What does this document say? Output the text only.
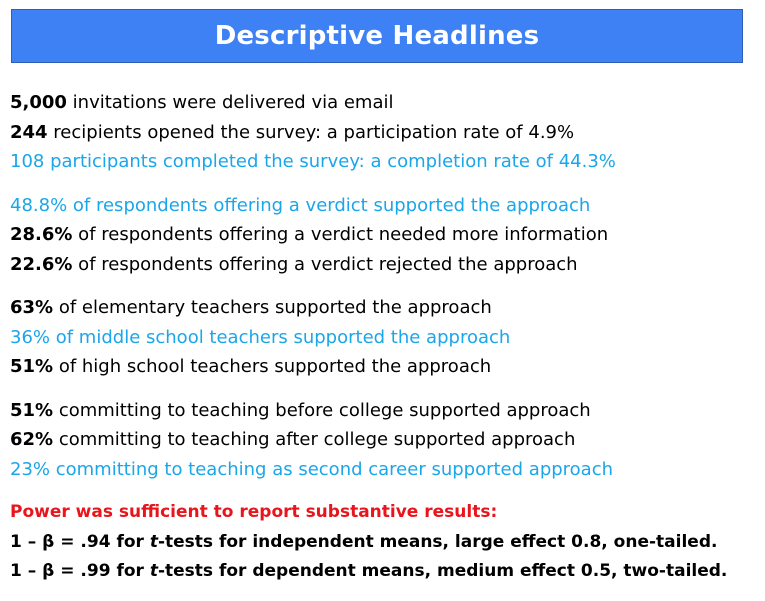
Descriptive Headlines
5,000 invitations were delivered via email
244 recipients opened the survey: a participation rate of 4.9%
108 participants completed the survey: a completion rate of 44.3%
48.8% of respondents offering a verdict supported the approach
28.6% of respondents offering a verdict needed more information
22.6% of respondents offering a verdict rejected the approach
63% of elementary teachers supported the approach
36% of middle school teachers supported the approach
51% of high school teachers supported the approach
51% committing to teaching before college supported approach
62% committing to teaching after college supported approach
23% committing to teaching as second career supported approach
Power was sufficient to report substantive results:
1 – β = .94 for t-tests for independent means, large effect 0.8, one-tailed.
1 – β = .99 for t-tests for dependent means, medium effect 0.5, two-tailed.
